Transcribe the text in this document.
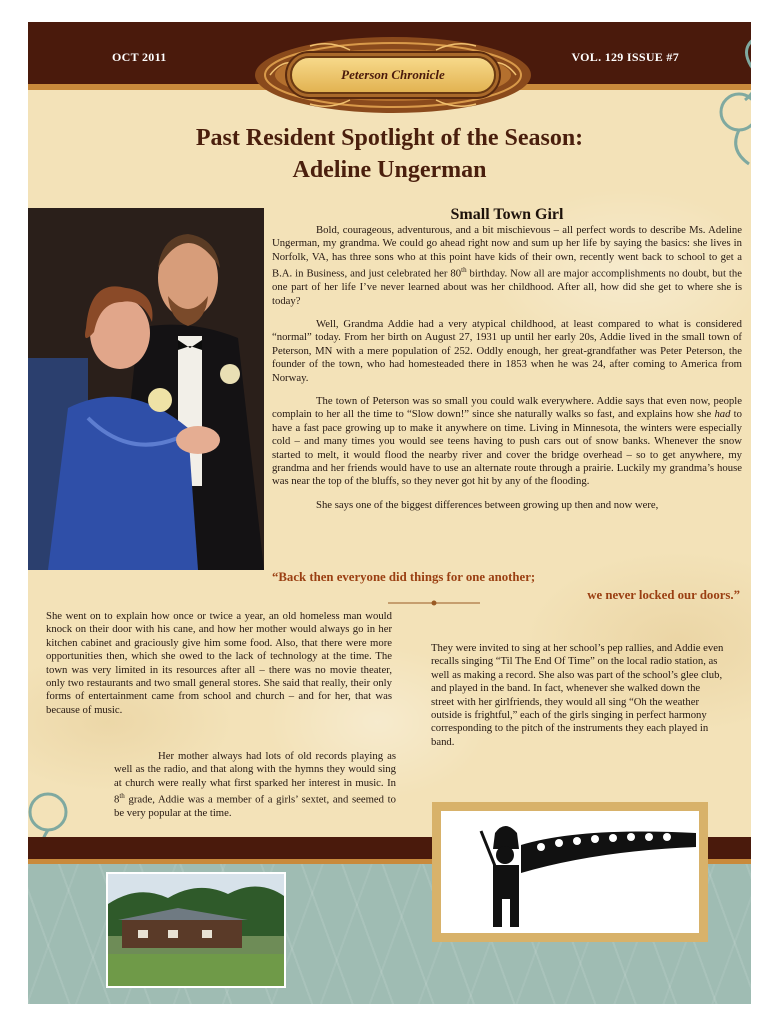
OCT 2011	VOL. 129 ISSUE #7
Peterson Chronicle
Past Resident Spotlight of the Season:
Adeline Ungerman
Small Town Girl

Bold, courageous, adventurous, and a bit mischievous – all perfect words to describe Ms. Adeline Ungerman, my grandma. We could go ahead right now and sum up her life by saying the basics: she lives in Norfolk, VA, has three sons who at this point have kids of their own, recently went back to school to get a B.A. in Business, and just celebrated her 80th birthday. Now all are major accomplishments no doubt, but the one part of her life I’ve never learned about was her childhood. After all, how did she get to where she is today?

Well, Grandma Addie had a very atypical childhood, at least compared to what is considered “normal” today. From her birth on August 27, 1931 up until her early 20s, Addie lived in the small town of Peterson, MN with a mere population of 252. Oddly enough, her great-grandfather was Peter Peterson, the founder of the town, who had homesteaded there in 1853 when he was 24, after coming to America from Norway.

The town of Peterson was so small you could walk everywhere. Addie says that even now, people complain to her all the time to “Slow down!” since she naturally walks so fast, and explains how she had to have a fast pace growing up to make it anywhere on time. Living in Minnesota, the winters were especially cold – and many times you would see teens having to push cars out of snow banks. Whenever the snow started to melt, it would flood the nearby river and cover the bridge overhead – so to get anywhere, my grandma and her friends would have to use an alternate route through a prairie. Luckily my grandma’s house was near the top of the bluffs, so they never got hit by any of the flooding.

She says one of the biggest differences between growing up then and now were,

“Back then everyone did things for one another;
we never locked our doors.”

She went on to explain how once or twice a year, an old homeless man would knock on their door with his cane, and how her mother would always go in her kitchen cabinet and graciously give him some food. Also, that there were more opportunities then, which she owed to the lack of technology at the time. The town was very limited in its resources after all – there was no movie theater, only two restaurants and two small general stores. She said that really, their only forms of entertainment came from school and church – and for her, that was because of music.

Her mother always had lots of old records playing as well as the radio, and that along with the hymns they would sing at church were really what first sparked her interest in music. In 8th grade, Addie was a member of a girls’ sextet, and seemed to be very popular at the time.

They were invited to sing at her school’s pep rallies, and Addie even recalls singing “Til The End Of Time” on the local radio station, as well as making a record. She also was part of the school’s glee club, and played in the band. In fact, whenever she walked down the street with her girlfriends, they would all sing “Oh the weather outside is frightful,” each of the girls singing in perfect harmony corresponding to the pitch of the instruments they each played in band.
